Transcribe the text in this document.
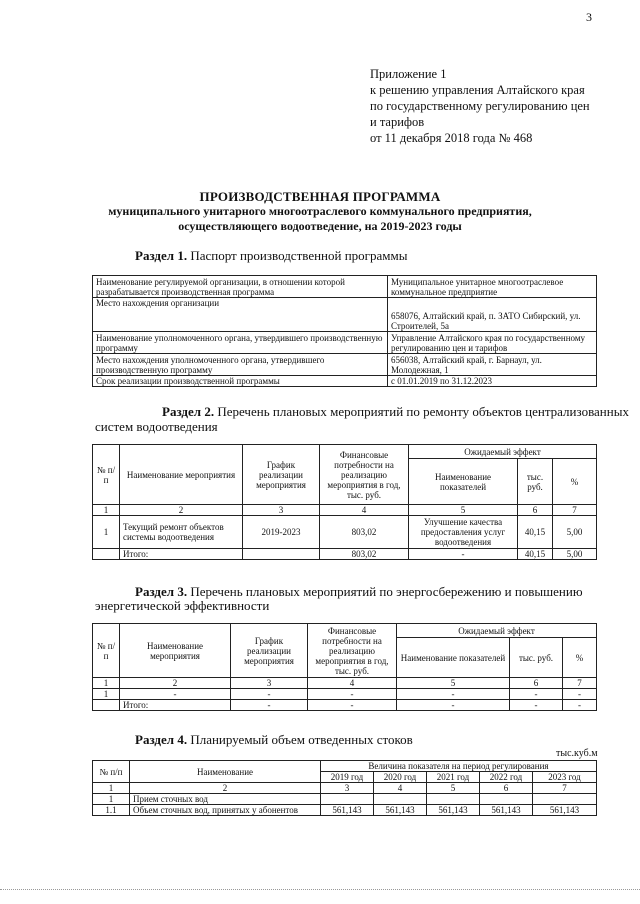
3
Приложение 1
к решению управления Алтайского края
по государственному регулированию цен
и тарифов
от 11 декабря 2018 года № 468
ПРОИЗВОДСТВЕННАЯ ПРОГРАММА
муниципального унитарного многоотраслевого коммунального предприятия,
осуществляющего водоотведение, на 2019-2023 годы
Раздел 1. Паспорт производственной программы
Наименование регулируемой организации, в отношении которой разрабатывается производственная программа	Муниципальное унитарное многоотраслевое коммунальное предприятие
Место нахождения организации	658076, Алтайский край, п. ЗАТО Сибирский, ул. Строителей, 5а
Наименование уполномоченного органа, утвердившего производственную программу	Управление Алтайского края по государственному регулированию цен и тарифов
Место нахождения уполномоченного органа, утвердившего производственную программу	656038, Алтайский край, г. Барнаул, ул. Молодежная, 1
Срок реализации производственной программы	с 01.01.2019 по 31.12.2023
Раздел 2. Перечень плановых мероприятий по ремонту объектов централизованных
систем водоотведения
№ п/п	Наименование мероприятия	График реализации мероприятия	Финансовые потребности на реализацию мероприятия в год, тыс. руб.	Ожидаемый эффект		
				Наименование показателей	тыс. руб.	%
1	2	3	4	5	6	7
1	Текущий ремонт объектов системы водоотведения	2019-2023	803,02	Улучшение качества предоставления услуг водоотведения	40,15	5,00
	Итого:		803,02	-	40,15	5,00
Раздел 3. Перечень плановых мероприятий по энергосбережению и повышению
энергетической эффективности
№ п/п	Наименование мероприятия	График реализации мероприятия	Финансовые потребности на реализацию мероприятия в год, тыс. руб.	Ожидаемый эффект		
				Наименование показателей	тыс. руб.	%
1	2	3	4	5	6	7
1	-	-	-	-	-	-
	Итого:	-	-	-	-	-
Раздел 4. Планируемый объем отведенных стоков
тыс.куб.м
№ п/п	Наименование	Величина показателя на период регулирования				
		2019 год	2020 год	2021 год	2022 год	2023 год
1	2	3	4	5	6	7
1	Прием сточных вод					
1.1	Объем сточных вод, принятых у абонентов	561,143	561,143	561,143	561,143	561,143
